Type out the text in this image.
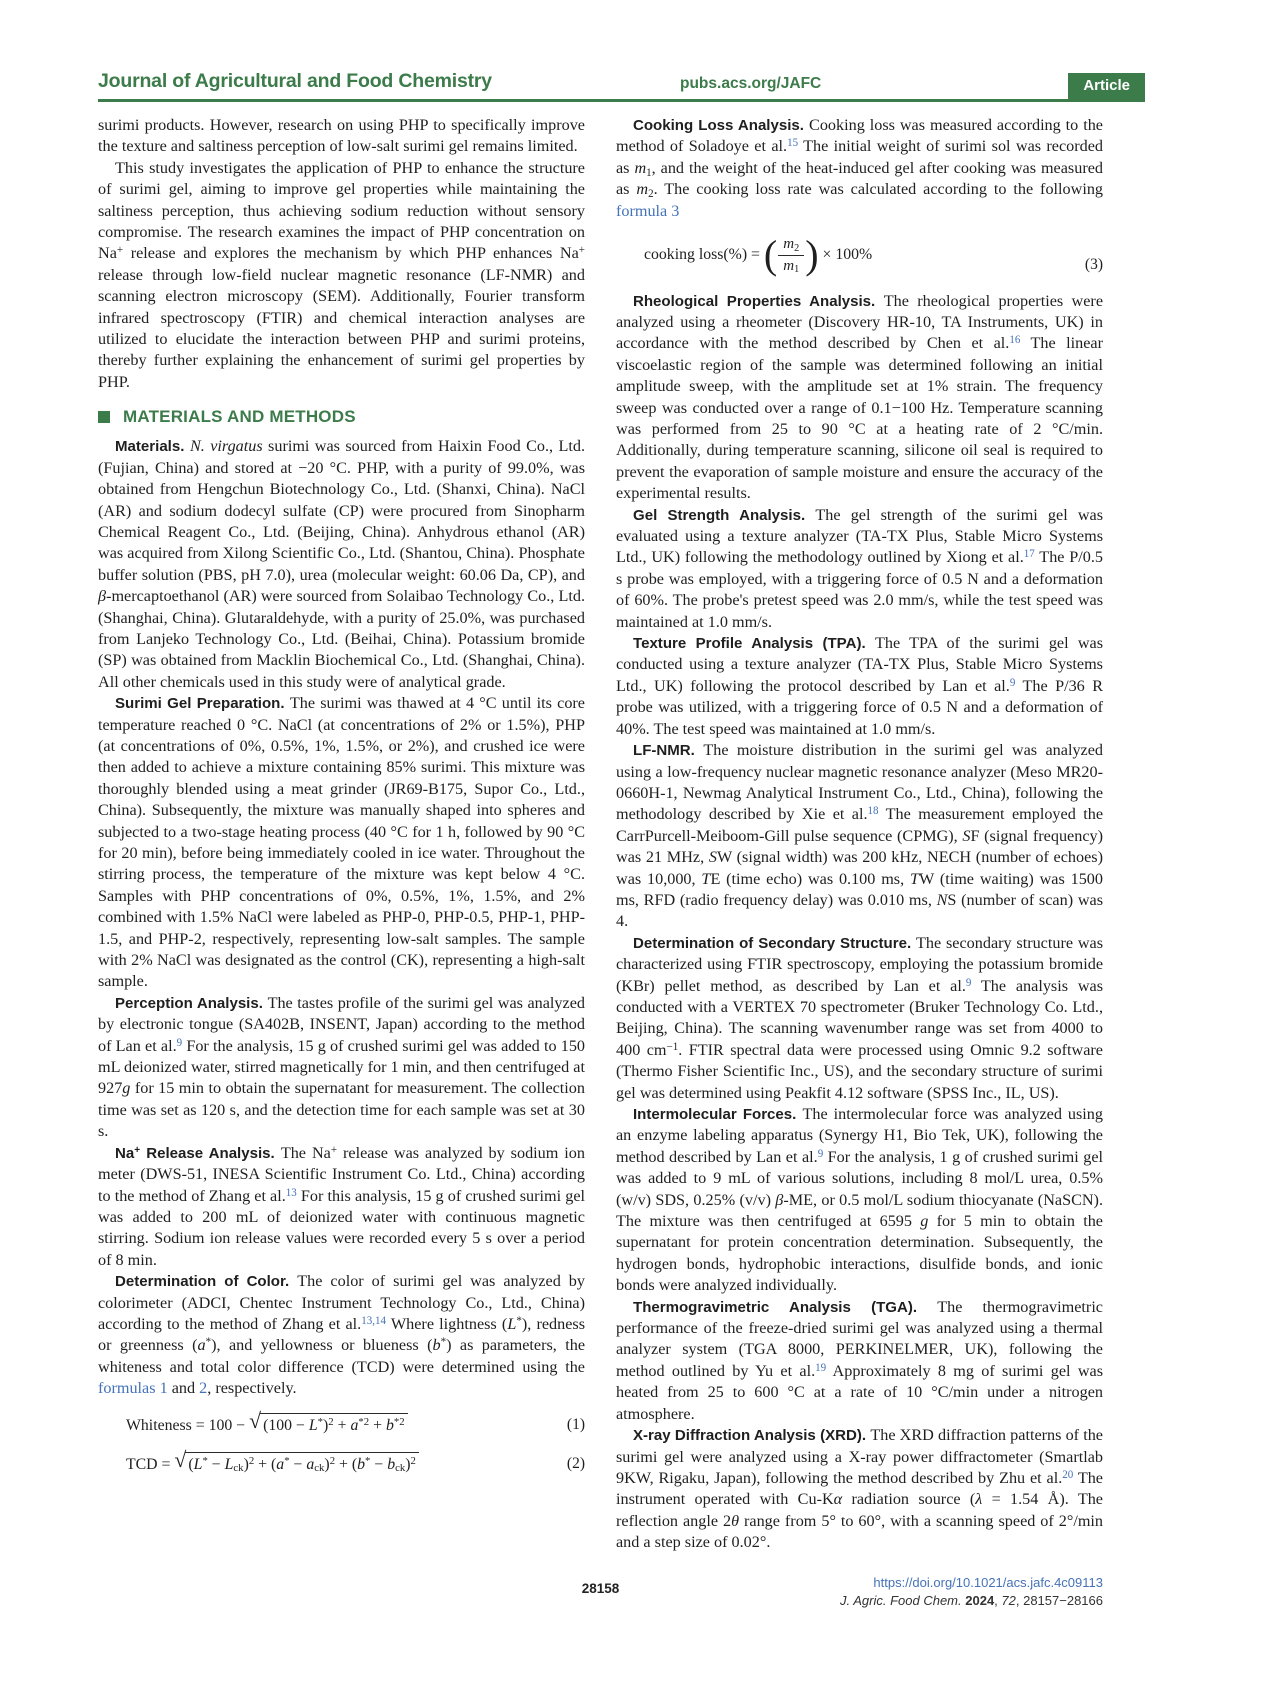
Journal of Agricultural and Food Chemistry	pubs.acs.org/JAFC	Article

surimi products. However, research on using PHP to specifically improve the texture and saltiness perception of low-salt surimi gel remains limited.

This study investigates the application of PHP to enhance the structure of surimi gel, aiming to improve gel properties while maintaining the saltiness perception, thus achieving sodium reduction without sensory compromise. The research examines the impact of PHP concentration on Na+ release and explores the mechanism by which PHP enhances Na+ release through low-field nuclear magnetic resonance (LF-NMR) and scanning electron microscopy (SEM). Additionally, Fourier transform infrared spectroscopy (FTIR) and chemical interaction analyses are utilized to elucidate the interaction between PHP and surimi proteins, thereby further explaining the enhancement of surimi gel properties by PHP.

MATERIALS AND METHODS

Materials. N. virgatus surimi was sourced from Haixin Food Co., Ltd. (Fujian, China) and stored at −20 °C. PHP, with a purity of 99.0%, was obtained from Hengchun Biotechnology Co., Ltd. (Shanxi, China). NaCl (AR) and sodium dodecyl sulfate (CP) were procured from Sinopharm Chemical Reagent Co., Ltd. (Beijing, China). Anhydrous ethanol (AR) was acquired from Xilong Scientific Co., Ltd. (Shantou, China). Phosphate buffer solution (PBS, pH 7.0), urea (molecular weight: 60.06 Da, CP), and β-mercaptoethanol (AR) were sourced from Solaibao Technology Co., Ltd. (Shanghai, China). Glutaraldehyde, with a purity of 25.0%, was purchased from Lanjeko Technology Co., Ltd. (Beihai, China). Potassium bromide (SP) was obtained from Macklin Biochemical Co., Ltd. (Shanghai, China). All other chemicals used in this study were of analytical grade.

Surimi Gel Preparation. The surimi was thawed at 4 °C until its core temperature reached 0 °C. NaCl (at concentrations of 2% or 1.5%), PHP (at concentrations of 0%, 0.5%, 1%, 1.5%, or 2%), and crushed ice were then added to achieve a mixture containing 85% surimi. This mixture was thoroughly blended using a meat grinder (JR69-B175, Supor Co., Ltd., China). Subsequently, the mixture was manually shaped into spheres and subjected to a two-stage heating process (40 °C for 1 h, followed by 90 °C for 20 min), before being immediately cooled in ice water. Throughout the stirring process, the temperature of the mixture was kept below 4 °C. Samples with PHP concentrations of 0%, 0.5%, 1%, 1.5%, and 2% combined with 1.5% NaCl were labeled as PHP-0, PHP-0.5, PHP-1, PHP-1.5, and PHP-2, respectively, representing low-salt samples. The sample with 2% NaCl was designated as the control (CK), representing a high-salt sample.

Perception Analysis. The tastes profile of the surimi gel was analyzed by electronic tongue (SA402B, INSENT, Japan) according to the method of Lan et al.$^9$ For the analysis, 15 g of crushed surimi gel was added to 150 mL deionized water, stirred magnetically for 1 min, and then centrifuged at 927g for 15 min to obtain the supernatant for measurement. The collection time was set as 120 s, and the detection time for each sample was set at 30 s.

Na+ Release Analysis. The Na+ release was analyzed by sodium ion meter (DWS-51, INESA Scientific Instrument Co. Ltd., China) according to the method of Zhang et al.$^{13}$ For this analysis, 15 g of crushed surimi gel was added to 200 mL of deionized water with continuous magnetic stirring. Sodium ion release values were recorded every 5 s over a period of 8 min.

Determination of Color. The color of surimi gel was analyzed by colorimeter (ADCI, Chentec Instrument Technology Co., Ltd., China) according to the method of Zhang et al.$^{13,14}$ Where lightness (L*), redness or greenness (a*), and yellowness or blueness (b*) as parameters, the whiteness and total color difference (TCD) were determined using the formulas 1 and 2, respectively.

Whiteness = 100 − √ $(100 - L^*)^2 + a^{*2} + b^{*2}$	(1)
TCD = √ $(L^* - L_{ck})^2 + (a^* - a_{ck})^2 + (b^* - b_{ck})^2$	(2)

Cooking Loss Analysis. Cooking loss was measured according to the method of Soladoye et al.$^{15}$ The initial weight of surimi sol was recorded as $m_1$, and the weight of the heat-induced gel after cooking was measured as $m_2$. The cooking loss rate was calculated according to the following formula 3

cooking loss(%) = ( $\frac{m_2}{m_1}$ ) × 100%
(3)

Rheological Properties Analysis. The rheological properties were analyzed using a rheometer (Discovery HR-10, TA Instruments, UK) in accordance with the method described by Chen et al.$^{16}$ The linear viscoelastic region of the sample was determined following an initial amplitude sweep, with the amplitude set at 1% strain. The frequency sweep was conducted over a range of 0.1−100 Hz. Temperature scanning was performed from 25 to 90 °C at a heating rate of 2 °C/min. Additionally, during temperature scanning, silicone oil seal is required to prevent the evaporation of sample moisture and ensure the accuracy of the experimental results.

Gel Strength Analysis. The gel strength of the surimi gel was evaluated using a texture analyzer (TA-TX Plus, Stable Micro Systems Ltd., UK) following the methodology outlined by Xiong et al.$^{17}$ The P/0.5 s probe was employed, with a triggering force of 0.5 N and a deformation of 60%. The probe's pretest speed was 2.0 mm/s, while the test speed was maintained at 1.0 mm/s.

Texture Profile Analysis (TPA). The TPA of the surimi gel was conducted using a texture analyzer (TA-TX Plus, Stable Micro Systems Ltd., UK) following the protocol described by Lan et al.$^9$ The P/36 R probe was utilized, with a triggering force of 0.5 N and a deformation of 40%. The test speed was maintained at 1.0 mm/s.

LF-NMR. The moisture distribution in the surimi gel was analyzed using a low-frequency nuclear magnetic resonance analyzer (Meso MR20-0660H-1, Newmag Analytical Instrument Co., Ltd., China), following the methodology described by Xie et al.$^{18}$ The measurement employed the CarrPurcell-Meiboom-Gill pulse sequence (CPMG), SF (signal frequency) was 21 MHz, SW (signal width) was 200 kHz, NECH (number of echoes) was 10,000, TE (time echo) was 0.100 ms, TW (time waiting) was 1500 ms, RFD (radio frequency delay) was 0.010 ms, NS (number of scan) was 4.

Determination of Secondary Structure. The secondary structure was characterized using FTIR spectroscopy, employing the potassium bromide (KBr) pellet method, as described by Lan et al.$^9$ The analysis was conducted with a VERTEX 70 spectrometer (Bruker Technology Co. Ltd., Beijing, China). The scanning wavenumber range was set from 4000 to 400 $cm^{-1}$. FTIR spectral data were processed using Omnic 9.2 software (Thermo Fisher Scientific Inc., US), and the secondary structure of surimi gel was determined using Peakfit 4.12 software (SPSS Inc., IL, US).

Intermolecular Forces. The intermolecular force was analyzed using an enzyme labeling apparatus (Synergy H1, Bio Tek, UK), following the method described by Lan et al.$^9$ For the analysis, 1 g of crushed surimi gel was added to 9 mL of various solutions, including 8 mol/L urea, 0.5% (w/v) SDS, 0.25% (v/v) β-ME, or 0.5 mol/L sodium thiocyanate (NaSCN). The mixture was then centrifuged at 6595 g for 5 min to obtain the supernatant for protein concentration determination. Subsequently, the hydrogen bonds, hydrophobic interactions, disulfide bonds, and ionic bonds were analyzed individually.

Thermogravimetric Analysis (TGA). The thermogravimetric performance of the freeze-dried surimi gel was analyzed using a thermal analyzer system (TGA 8000, PERKINELMER, UK), following the method outlined by Yu et al.$^{19}$ Approximately 8 mg of surimi gel was heated from 25 to 600 °C at a rate of 10 °C/min under a nitrogen atmosphere.

X-ray Diffraction Analysis (XRD). The XRD diffraction patterns of the surimi gel were analyzed using a X-ray power diffractometer (Smartlab 9KW, Rigaku, Japan), following the method described by Zhu et al.$^{20}$ The instrument operated with Cu-Kα radiation source (λ = 1.54 Å). The reflection angle 2θ range from 5° to 60°, with a scanning speed of 2°/min and a step size of 0.02°.

28158	https://doi.org/10.1021/acs.jafc.4c09113
J. Agric. Food Chem. 2024, 72, 28157−28166
